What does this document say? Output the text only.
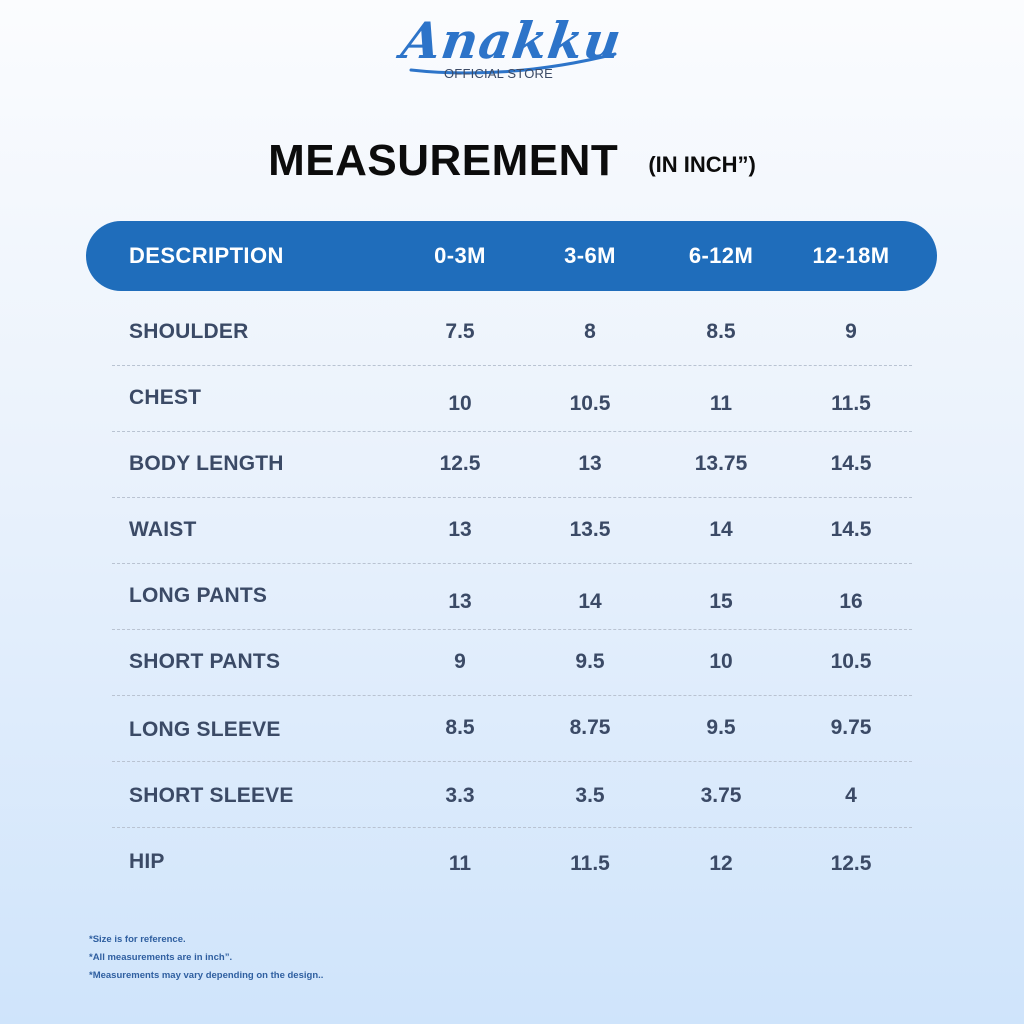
Anakku
OFFICIAL STORE
MEASUREMENT (IN INCH”)
DESCRIPTION	0-3M	3-6M	6-12M	12-18M
SHOULDER	7.5	8	8.5	9
CHEST	10	10.5	11	11.5
BODY LENGTH	12.5	13	13.75	14.5
WAIST	13	13.5	14	14.5
LONG PANTS	13	14	15	16
SHORT PANTS	9	9.5	10	10.5
LONG SLEEVE	8.5	8.75	9.5	9.75
SHORT SLEEVE	3.3	3.5	3.75	4
HIP	11	11.5	12	12.5
*Size is for reference.
*All measurements are in inch”.
*Measurements may vary depending on the design..
